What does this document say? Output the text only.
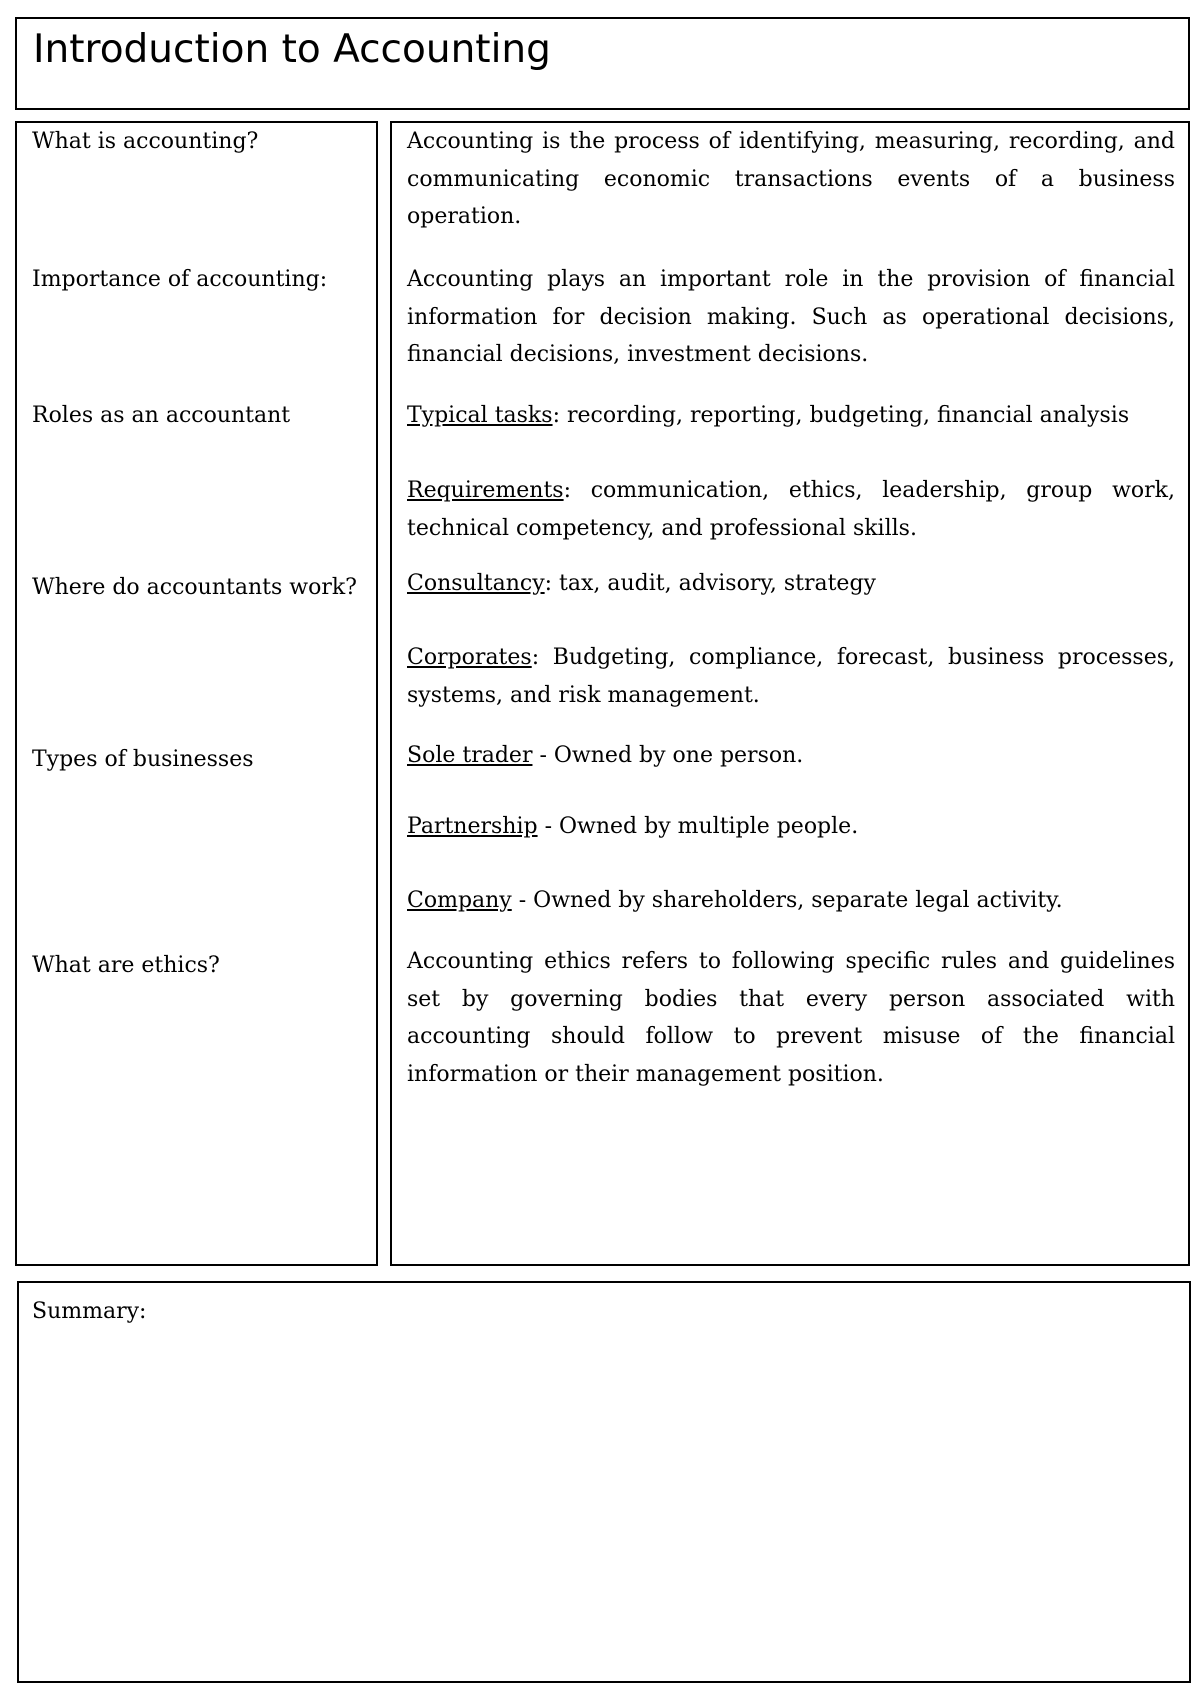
Introduction to Accounting
What is accounting?
Importance of accounting:
Roles as an accountant
Where do accountants work?
Types of businesses
What are ethics?
Accounting is the process of identifying, measuring, recording, and communicating economic transactions events of a business operation.
Accounting plays an important role in the provision of financial information for decision making. Such as operational decisions, financial decisions, investment decisions.
Typical tasks: recording, reporting, budgeting, financial analysis
Requirements: communication, ethics, leadership, group work, technical competency, and professional skills.
Consultancy: tax, audit, advisory, strategy
Corporates: Budgeting, compliance, forecast, business processes, systems, and risk management.
Sole trader - Owned by one person.
Partnership - Owned by multiple people.
Company - Owned by shareholders, separate legal activity.
Accounting ethics refers to following specific rules and guidelines set by governing bodies that every person associated with accounting should follow to prevent misuse of the financial information or their management position.
Summary:
